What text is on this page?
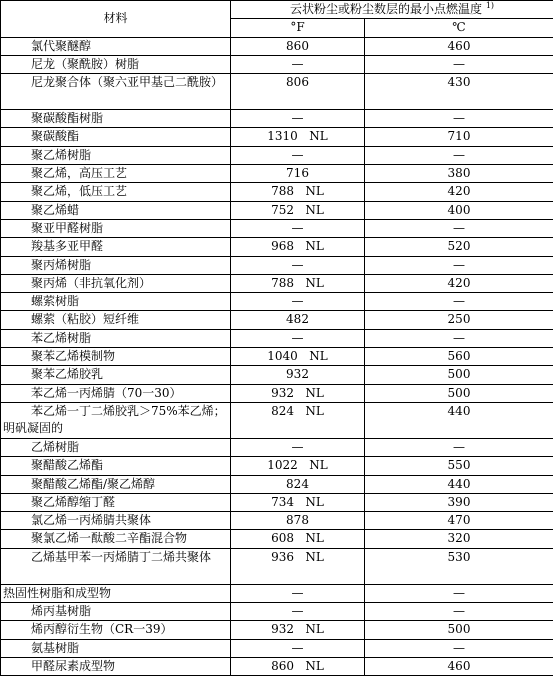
材料	云状粉尘或粉尘数层的最小点燃温度 $^{1)}$
	°F	℃
氯代聚醚醇	860	460
尼龙（聚酰胺）树脂	—	—
尼龙聚合体（聚六亚甲基己二酰胺）	806	430
聚碳酸酯树脂	—	—
聚碳酸酯	1310   NL	710
聚乙烯树脂	—	—
聚乙烯，高压工艺	716	380
聚乙烯，低压工艺	788   NL	420
聚乙烯蜡	752   NL	400
聚亚甲醛树脂	—	—
羧基多亚甲醛	968   NL	520
聚丙烯树脂	—	—
聚丙烯（非抗氧化剂）	788   NL	420
螺萦树脂	—	—
螺萦（粘胶）短纤维	482	250
苯乙烯树脂	—	—
聚苯乙烯模制物	1040   NL	560
聚苯乙烯胶乳	932	500
苯乙烯一丙烯腈（70一30）	932   NL	500
苯乙烯一丁二烯胶乳＞75%苯乙烯；明矾凝固的	824   NL	440
乙烯树脂	—	—
聚醋酸乙烯酯	1022   NL	550
聚醋酸乙烯酯/聚乙烯醇	824	440
聚乙烯醇缩丁醛	734   NL	390
氯乙烯一丙烯腈共聚体	878	470
聚氯乙烯一酞酸二辛酯混合物	608   NL	320
乙烯基甲苯一丙烯腈丁二烯共聚体	936   NL	530
热固性树脂和成型物	—	—
烯丙基树脂	—	—
烯丙醇衍生物（CR一39）	932   NL	500
氨基树脂	—	—
甲醛尿素成型物	860   NL	460
